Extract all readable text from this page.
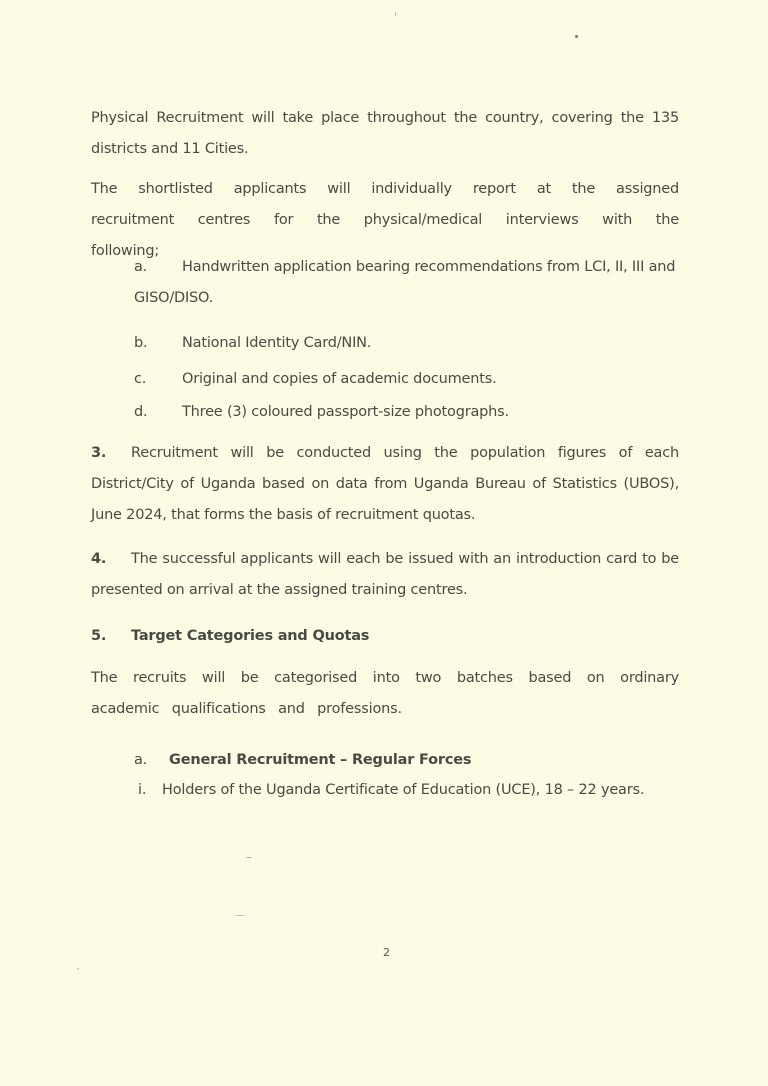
Physical Recruitment will take place throughout the country, covering the 135 districts and 11 Cities.
The shortlisted applicants will individually report at the assigned recruitment centres for the physical/medical interviews with the following;
a. Handwritten application bearing recommendations from LCI, II, III and GISO/DISO.
b. National Identity Card/NIN.
c. Original and copies of academic documents.
d. Three (3) coloured passport-size photographs.
3. Recruitment will be conducted using the population figures of each District/City of Uganda based on data from Uganda Bureau of Statistics (UBOS), June 2024, that forms the basis of recruitment quotas.
4. The successful applicants will each be issued with an introduction card to be presented on arrival at the assigned training centres.
5. Target Categories and Quotas
The recruits will be categorised into two batches based on ordinary academic qualifications and professions.
a. General Recruitment – Regular Forces
i. Holders of the Uganda Certificate of Education (UCE), 18 – 22 years.
2
